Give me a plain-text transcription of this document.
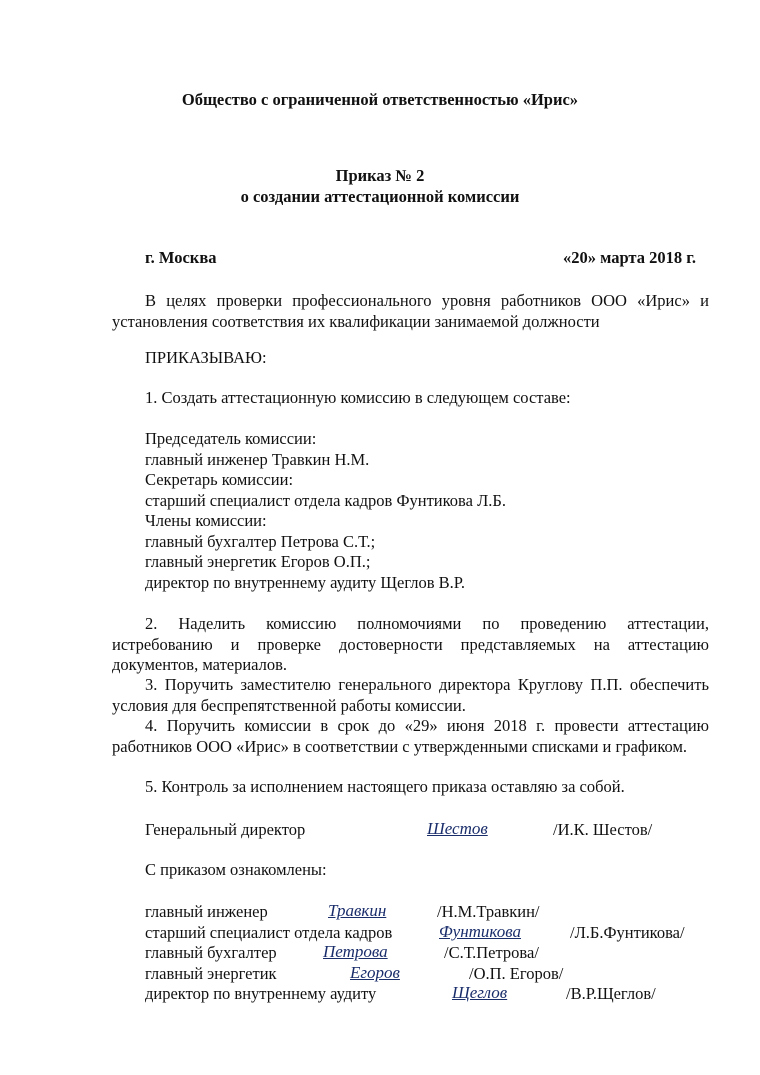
Общество с ограниченной ответственностью «Ирис»
Приказ № 2
о создании аттестационной комиссии
г. Москва	«20» марта 2018 г.
В целях проверки профессионального уровня работников ООО «Ирис» и установления соответствия их квалификации занимаемой должности
ПРИКАЗЫВАЮ:
1. Создать аттестационную комиссию в следующем составе:
Председатель комиссии:
главный инженер Травкин Н.М.
Секретарь комиссии:
старший специалист отдела кадров Фунтикова Л.Б.
Члены комиссии:
главный бухгалтер Петрова С.Т.;
главный энергетик Егоров О.П.;
директор по внутреннему аудиту Щеглов В.Р.
2. Наделить комиссию полномочиями по проведению аттестации, истребованию и проверке достоверности представляемых на аттестацию документов, материалов.
3. Поручить заместителю генерального директора Круглову П.П. обеспечить условия для беспрепятственной работы комиссии.
4. Поручить комиссии в срок до «29» июня 2018 г. провести аттестацию работников ООО «Ирис» в соответствии с утвержденными списками и графиком.
5. Контроль за исполнением настоящего приказа оставляю за собой.
Генеральный директор	Шестов	/И.К. Шестов/
С приказом ознакомлены:
главный инженер	Травкин	/Н.М.Травкин/
старший специалист отдела кадров	Фунтикова	/Л.Б.Фунтикова/
главный бухгалтер	Петрова	/С.Т.Петрова/
главный энергетик	Егоров	/О.П. Егоров/
директор по внутреннему аудиту	Щеглов	/В.Р.Щеглов/
